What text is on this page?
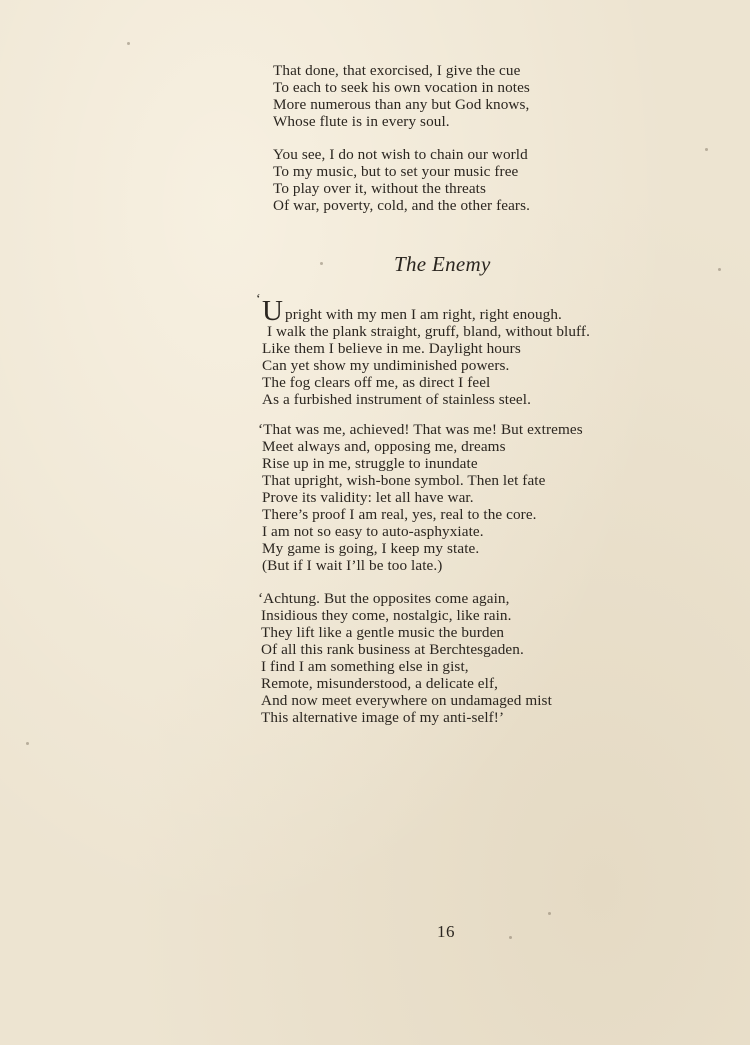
That done, that exorcised, I give the cue
To each to seek his own vocation in notes
More numerous than any but God knows,
Whose flute is in every soul.
You see, I do not wish to chain our world
To my music, but to set your music free
To play over it, without the threats
Of war, poverty, cold, and the other fears.
The Enemy
‘ Upright with my men I am right, right enough.
I walk the plank straight, gruff, bland, without bluff.
Like them I believe in me. Daylight hours
Can yet show my undiminished powers.
The fog clears off me, as direct I feel
As a furbished instrument of stainless steel.
‘That was me, achieved! That was me! But extremes
Meet always and, opposing me, dreams
Rise up in me, struggle to inundate
That upright, wish-bone symbol. Then let fate
Prove its validity: let all have war.
There’s proof I am real, yes, real to the core.
I am not so easy to auto-asphyxiate.
My game is going, I keep my state.
(But if I wait I’ll be too late.)
‘Achtung. But the opposites come again,
Insidious they come, nostalgic, like rain.
They lift like a gentle music the burden
Of all this rank business at Berchtesgaden.
I find I am something else in gist,
Remote, misunderstood, a delicate elf,
And now meet everywhere on undamaged mist
This alternative image of my anti-self!’
16
